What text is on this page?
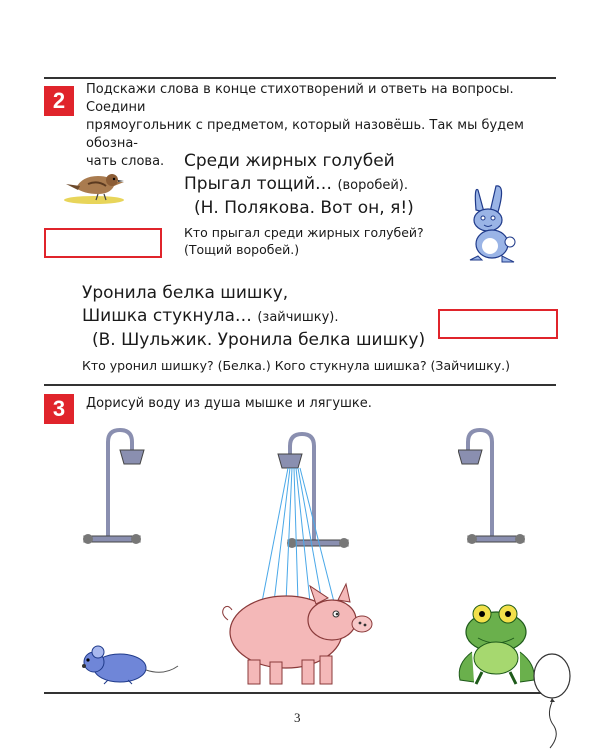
2	Подскажи слова в конце стихотворений и ответь на вопросы. Соедини
прямоугольник с предметом, который назовёшь. Так мы будем обозна-
чать слова.	Среди жирных голубей
Прыгал тощий… (воробей).
(Н. Полякова. Вот он, я!)
Кто прыгал среди жирных голубей?
(Тощий воробей.)
Уронила белка шишку,
Шишка стукнула… (зайчишку).
(В. Шульжик. Уронила белка шишку)
Кто уронил шишку? (Белка.) Кого стукнула шишка? (Зайчишку.)
3	Дорисуй воду из душа мышке и лягушке.
3
